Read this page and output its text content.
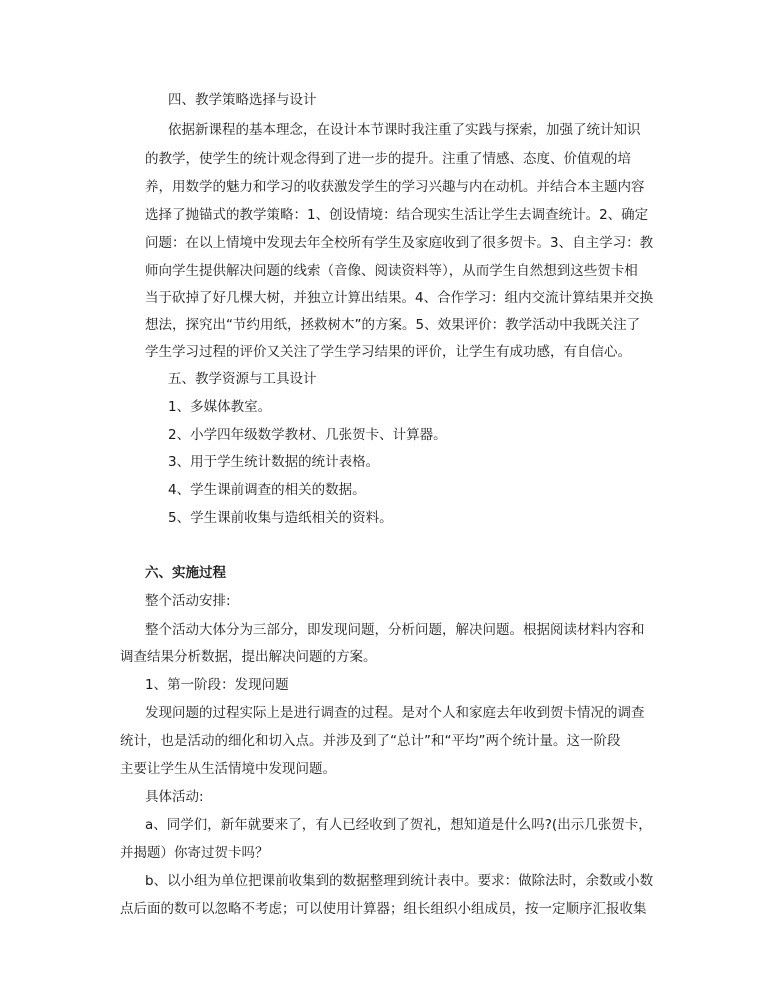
四、教学策略选择与设计
依据新课程的基本理念，在设计本节课时我注重了实践与探索，加强了统计知识
的教学，使学生的统计观念得到了进一步的提升。注重了情感、态度、价值观的培
养，用数学的魅力和学习的收获激发学生的学习兴趣与内在动机。并结合本主题内容
选择了抛锚式的教学策略：1、创设情境：结合现实生活让学生去调查统计。2、确定
问题：在以上情境中发现去年全校所有学生及家庭收到了很多贺卡。3、自主学习：教
师向学生提供解决问题的线索（音像、阅读资料等），从而学生自然想到这些贺卡相
当于砍掉了好几棵大树，并独立计算出结果。4、合作学习：组内交流计算结果并交换
想法，探究出“节约用纸，拯救树木”的方案。5、效果评价：教学活动中我既关注了
学生学习过程的评价又关注了学生学习结果的评价，让学生有成功感，有自信心。
五、教学资源与工具设计
1、多媒体教室。
2、小学四年级数学教材、几张贺卡、计算器。
3、用于学生统计数据的统计表格。
4、学生课前调查的相关的数据。
5、学生课前收集与造纸相关的资料。
六、实施过程
整个活动安排:
整个活动大体分为三部分，即发现问题，分析问题，解决问题。根据阅读材料内容和
调查结果分析数据，提出解决问题的方案。
1、第一阶段：发现问题
发现问题的过程实际上是进行调查的过程。是对个人和家庭去年收到贺卡情况的调查
统计，也是活动的细化和切入点。并涉及到了“总计”和“平均”两个统计量。这一阶段
主要让学生从生活情境中发现问题。
具体活动:
a、同学们，新年就要来了，有人已经收到了贺礼，想知道是什么吗?(出示几张贺卡，
并揭题）你寄过贺卡吗？
b、以小组为单位把课前收集到的数据整理到统计表中。要求：做除法时，余数或小数
点后面的数可以忽略不考虑；可以使用计算器；组长组织小组成员，按一定顺序汇报收集
